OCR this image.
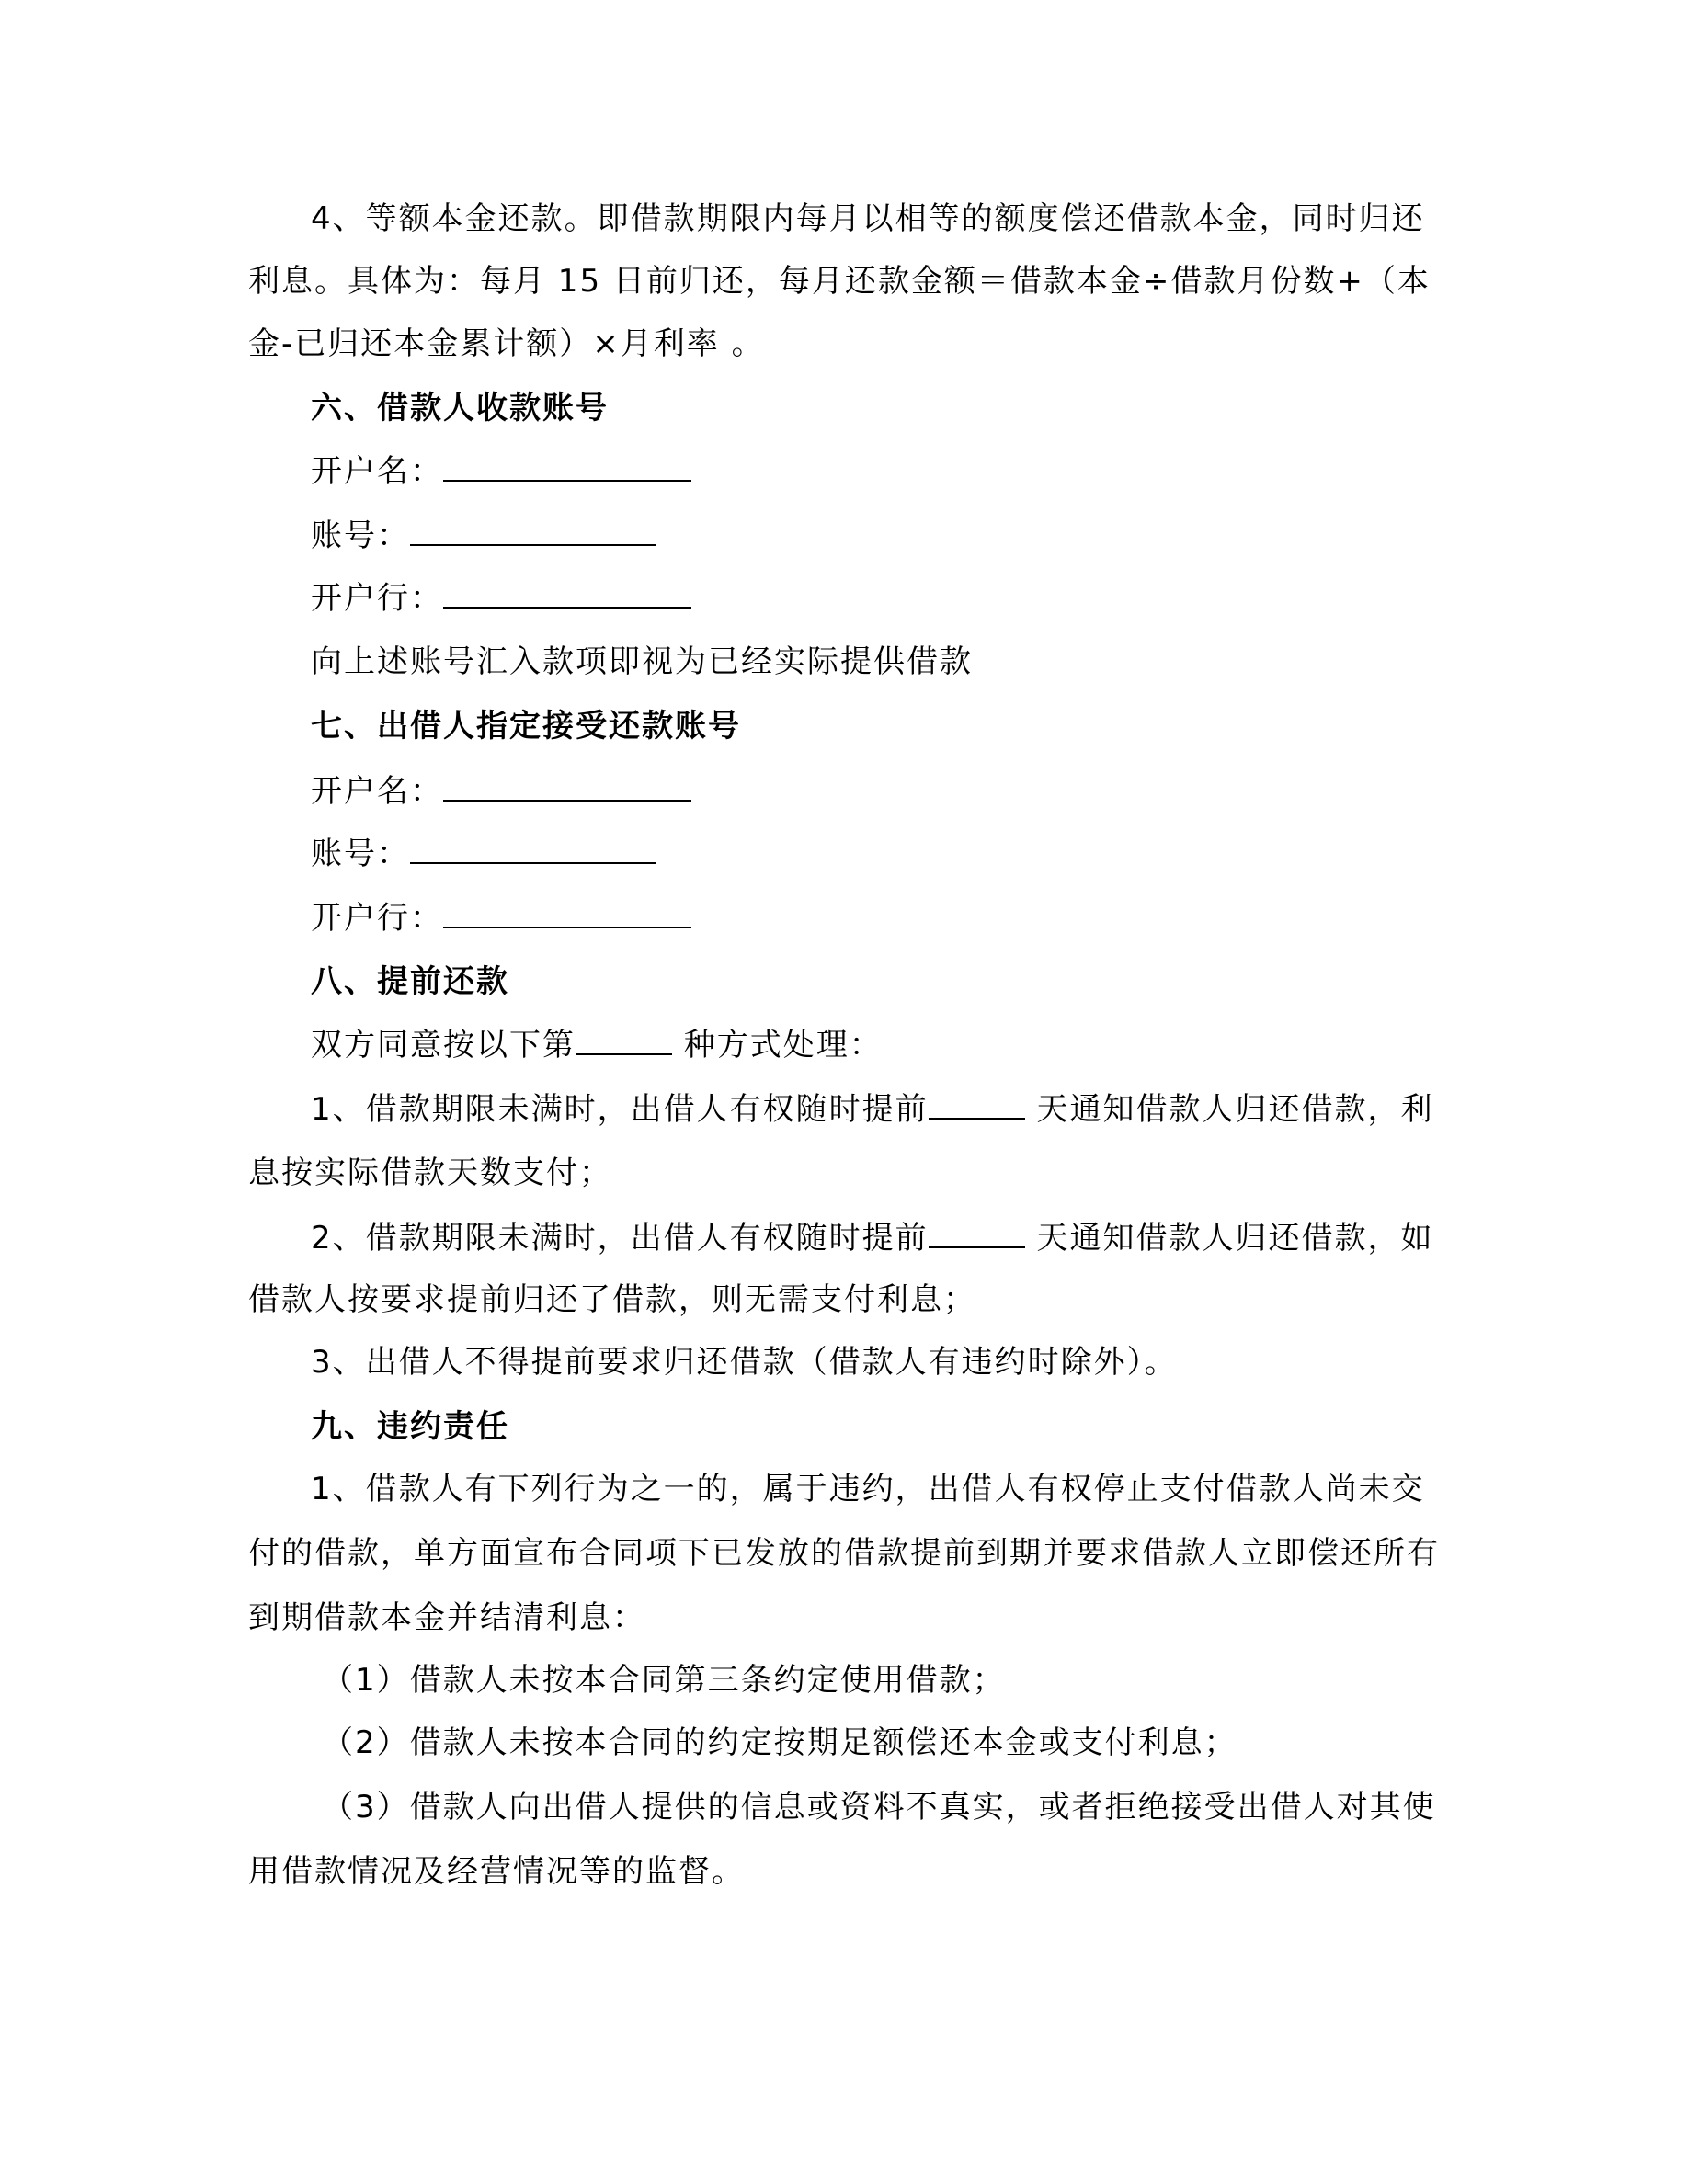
4、等额本金还款。即借款期限内每月以相等的额度偿还借款本金，同时归还
利息。具体为：每月 15 日前归还，每月还款金额＝借款本金÷借款月份数+（本
金-已归还本金累计额）×月利率 。
六、借款人收款账号
开户名：
账号：
开户行：
向上述账号汇入款项即视为已经实际提供借款
七、出借人指定接受还款账号
开户名：
账号：
开户行：
八、提前还款
双方同意按以下第	种方式处理：
1、借款期限未满时，出借人有权随时提前	天通知借款人归还借款，利
息按实际借款天数支付；
2、借款期限未满时，出借人有权随时提前	天通知借款人归还借款，如
借款人按要求提前归还了借款，则无需支付利息；
3、出借人不得提前要求归还借款（借款人有违约时除外）。
九、违约责任
1、借款人有下列行为之一的，属于违约，出借人有权停止支付借款人尚未交
付的借款，单方面宣布合同项下已发放的借款提前到期并要求借款人立即偿还所有
到期借款本金并结清利息：
（1）借款人未按本合同第三条约定使用借款；
（2）借款人未按本合同的约定按期足额偿还本金或支付利息；
（3）借款人向出借人提供的信息或资料不真实，或者拒绝接受出借人对其使
用借款情况及经营情况等的监督。
